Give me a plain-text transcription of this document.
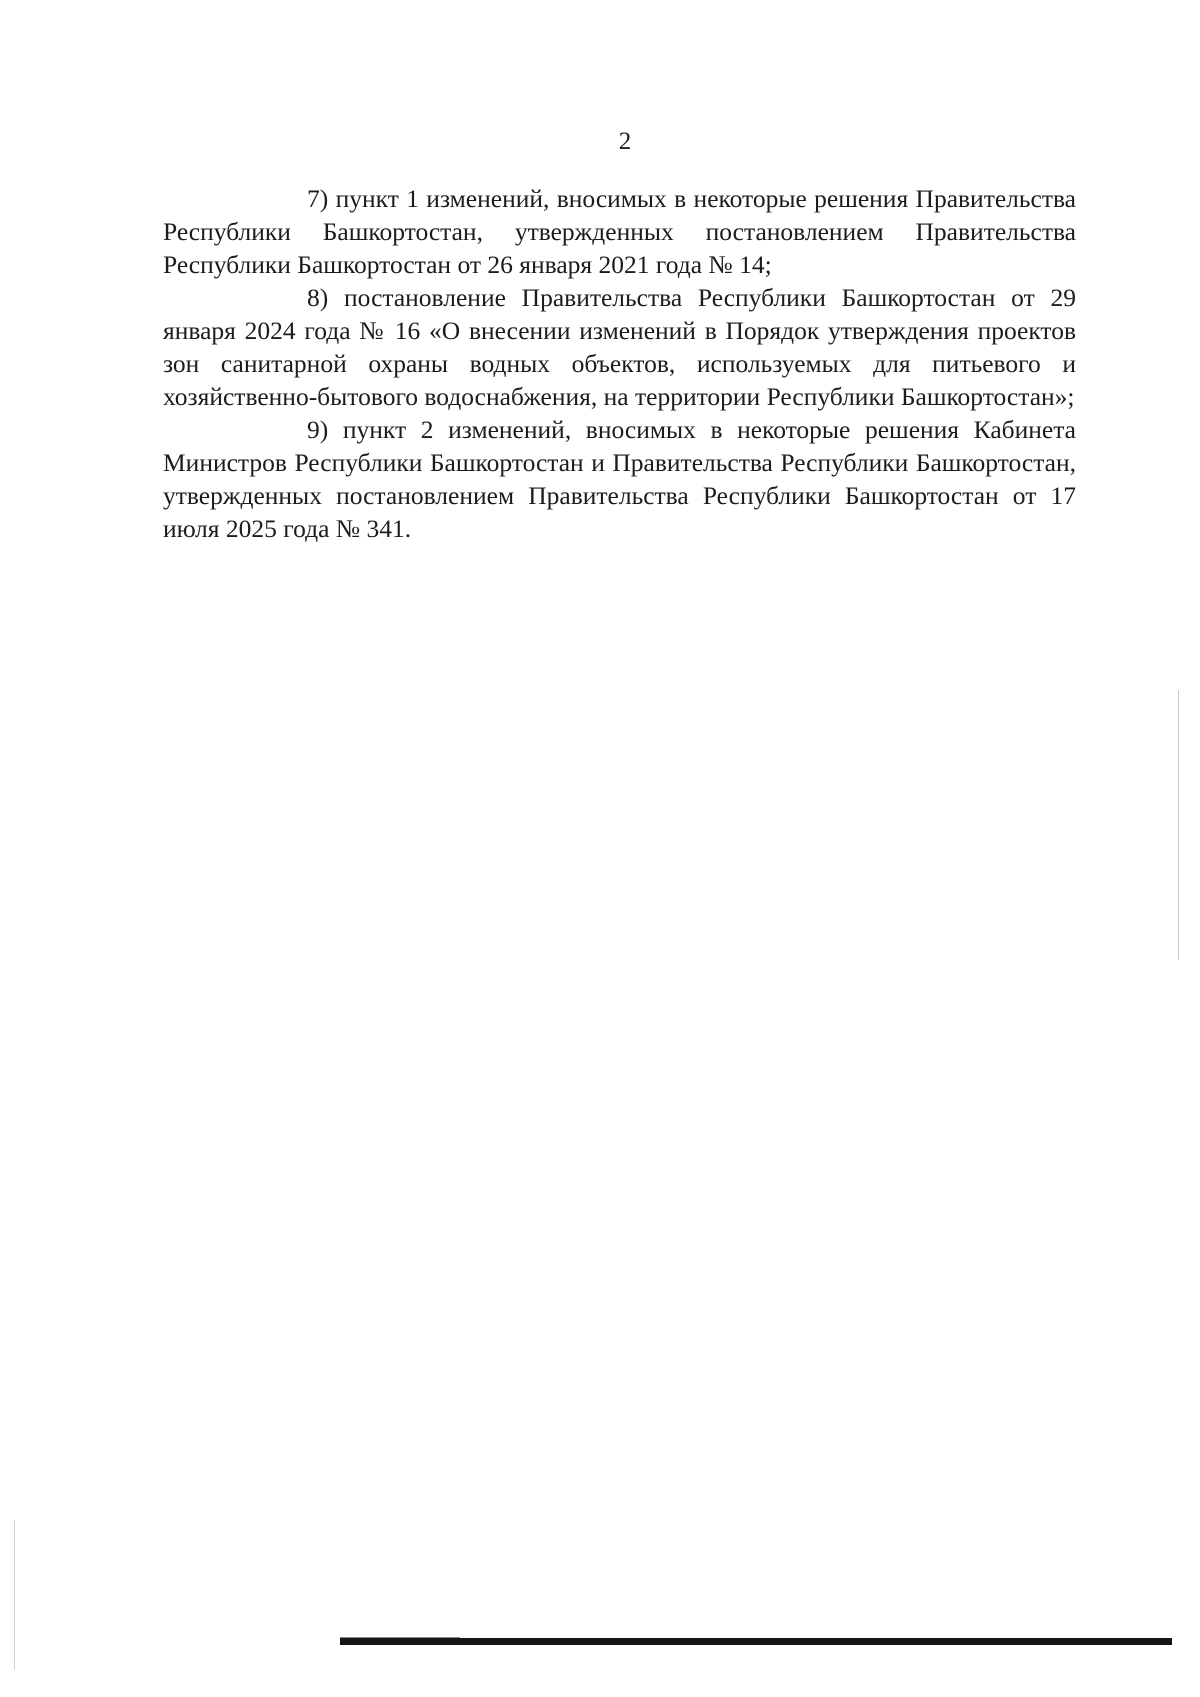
2

7) пункт 1 изменений, вносимых в некоторые решения Правительства Республики Башкортостан, утвержденных постановлением Правительства Республики Башкортостан от 26 января 2021 года № 14;

8) постановление Правительства Республики Башкортостан от 29 января 2024 года № 16 «О внесении изменений в Порядок утверждения проектов зон санитарной охраны водных объектов, используемых для питьевого и хозяйственно-бытового водоснабжения, на территории Республики Башкортостан»;

9) пункт 2 изменений, вносимых в некоторые решения Кабинета Министров Республики Башкортостан и Правительства Республики Башкортостан, утвержденных постановлением Правительства Республики Башкортостан от 17 июля 2025 года № 341.
